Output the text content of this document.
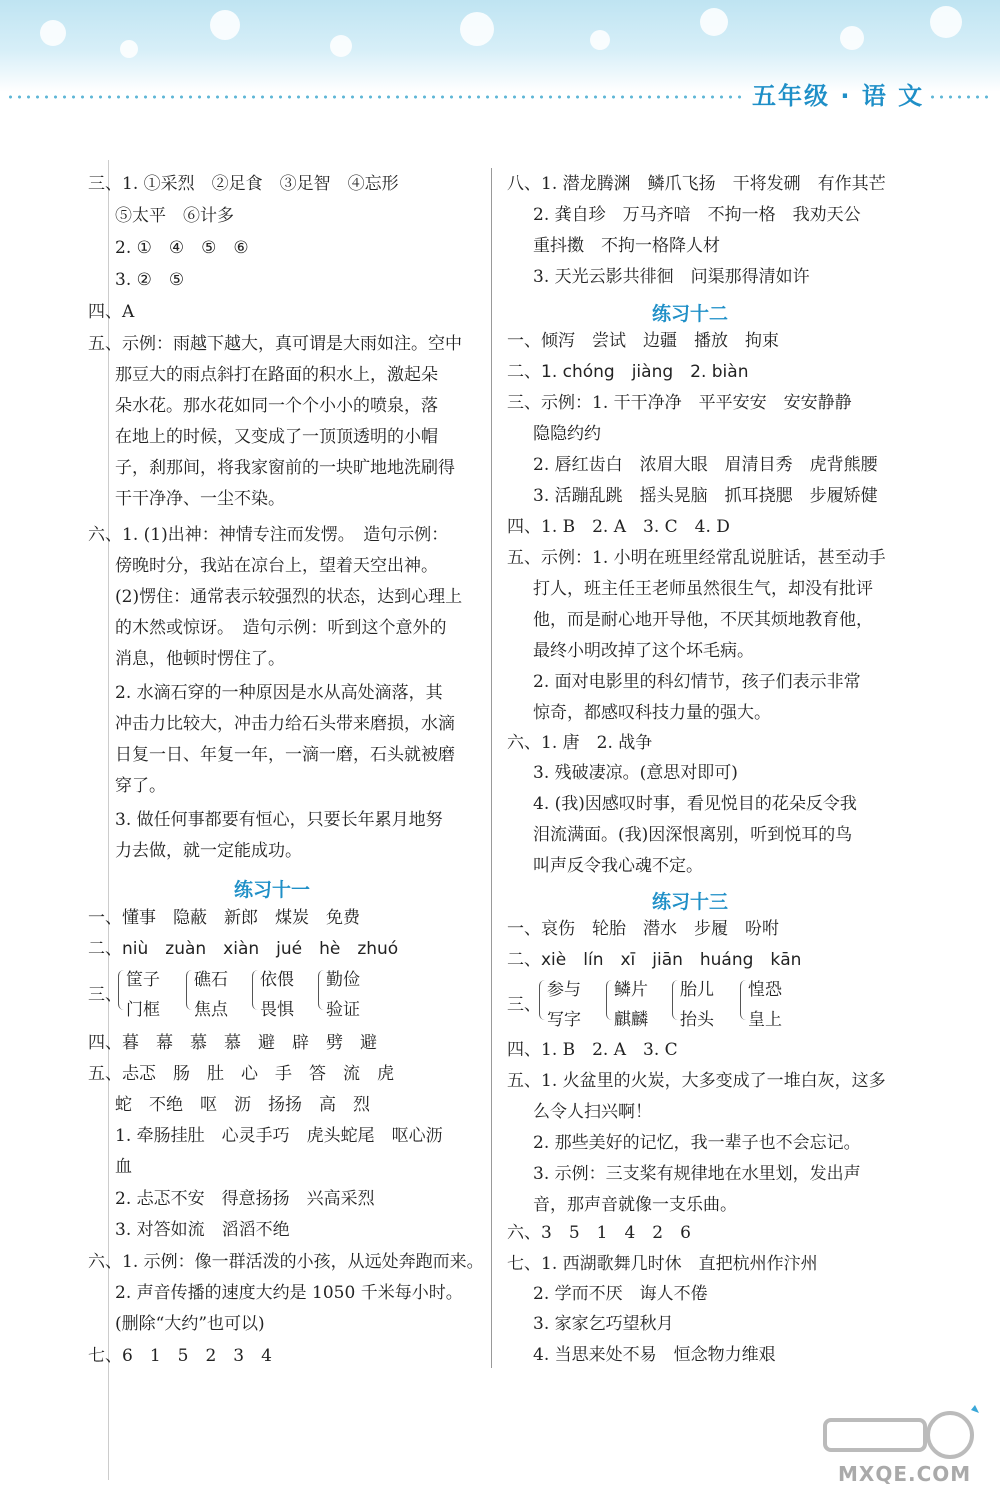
五年级 · 语 文
三、1. ①采烈　②足食　③足智　④忘形
⑤太平　⑥计多
2. ①　④　⑤　⑥
3. ②　⑤
四、A
五、示例：雨越下越大，真可谓是大雨如注。空中
那豆大的雨点斜打在路面的积水上，激起朵
朵水花。那水花如同一个个小小的喷泉，落
在地上的时候，又变成了一顶顶透明的小帽
子，刹那间，将我家窗前的一块旷地地洗刷得
干干净净、一尘不染。
六、1. (1)出神：神情专注而发愣。　造句示例：
傍晚时分，我站在凉台上，望着天空出神。
(2)愣住：通常表示较强烈的状态，达到心理上
的木然或惊讶。　造句示例：听到这个意外的
消息，他顿时愣住了。
2. 水滴石穿的一种原因是水从高处滴落，其
冲击力比较大，冲击力给石头带来磨损，水滴
日复一日、年复一年，一滴一磨，石头就被磨
穿了。
3. 做任何事都要有恒心，只要长年累月地努
力去做，就一定能成功。
练习十一
一、懂事　隐蔽　新郎　煤炭　免费
二、niù　zuàn　xiàn　jué　hè　zhuó
三、
筐子
门框
礁石
焦点
依偎
畏惧
勤俭
验证
四、暮　幕　慕　慕　避　辟　劈　避
五、忐忑　肠　肚　心　手　答　流　虎
蛇　不绝　呕　沥　扬扬　高　烈
1. 牵肠挂肚　心灵手巧　虎头蛇尾　呕心沥
血
2. 忐忑不安　得意扬扬　兴高采烈
3. 对答如流　滔滔不绝
六、1. 示例：像一群活泼的小孩，从远处奔跑而来。
2. 声音传播的速度大约是 1050 千米每小时。
(删除“大约”也可以)
七、6　1　5　2　3　4
八、1. 潜龙腾渊　鳞爪飞扬　干将发硎　有作其芒
2. 龚自珍　万马齐喑　不拘一格　我劝天公
重抖擞　不拘一格降人材
3. 天光云影共徘徊　问渠那得清如许
练习十二
一、倾泻　尝试　边疆　播放　拘束
二、1. chóng　jiàng　2. biàn
三、示例：1. 干干净净　平平安安　安安静静
隐隐约约
2. 唇红齿白　浓眉大眼　眉清目秀　虎背熊腰
3. 活蹦乱跳　摇头晃脑　抓耳挠腮　步履矫健
四、1. B　2. A　3. C　4. D
五、示例：1. 小明在班里经常乱说脏话，甚至动手
打人，班主任王老师虽然很生气，却没有批评
他，而是耐心地开导他，不厌其烦地教育他，
最终小明改掉了这个坏毛病。
2. 面对电影里的科幻情节，孩子们表示非常
惊奇，都感叹科技力量的强大。
六、1. 唐　2. 战争
3. 残破凄凉。(意思对即可)
4. (我)因感叹时事，看见悦目的花朵反令我
泪流满面。(我)因深恨离别，听到悦耳的鸟
叫声反令我心魂不定。
练习十三
一、哀伤　轮胎　潜水　步履　吩咐
二、xiè　lín　xī　jiān　huáng　kān
三、
参与
写字
鳞片
麒麟
胎儿
抬头
惶恐
皇上
四、1. B　2. A　3. C
五、1. 火盆里的火炭，大多变成了一堆白灰，这多
么令人扫兴啊！
2. 那些美好的记忆，我一辈子也不会忘记。
3. 示例：三支桨有规律地在水里划，发出声
音，那声音就像一支乐曲。
六、3　5　1　4　2　6
七、1. 西湖歌舞几时休　直把杭州作汴州
2. 学而不厌　诲人不倦
3. 家家乞巧望秋月
4. 当思来处不易　恒念物力维艰
MXQE.COM
